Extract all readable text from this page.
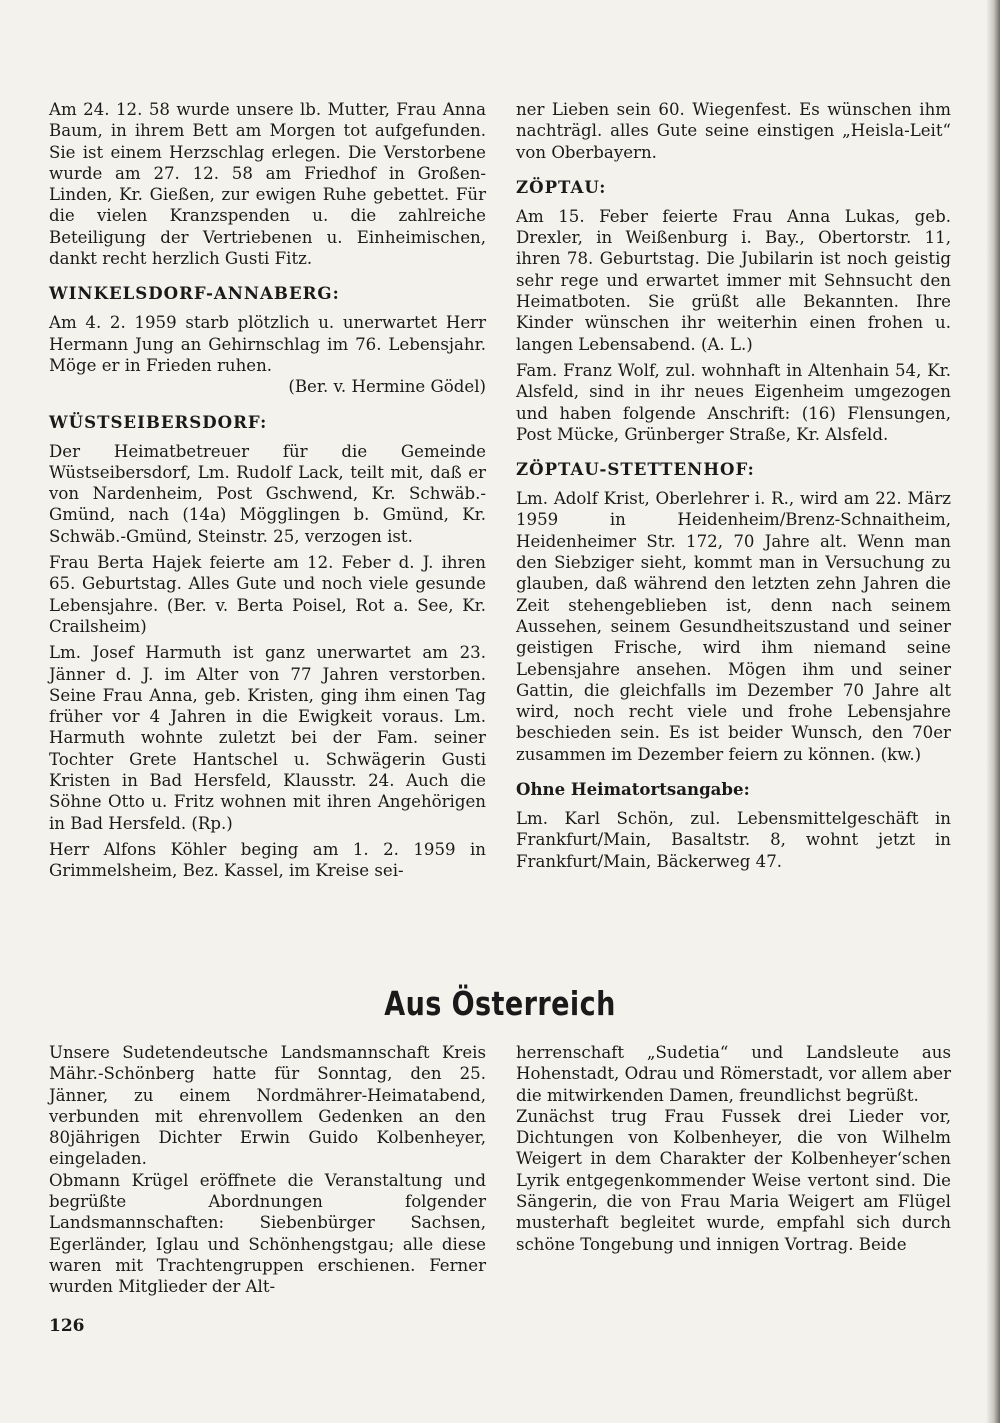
Am 24. 12. 58 wurde unsere lb. Mutter, Frau Anna Baum, in ihrem Bett am Morgen tot aufgefunden. Sie ist einem Herzschlag erlegen. Die Verstorbene wurde am 27. 12. 58 am Friedhof in Großen-Linden, Kr. Gießen, zur ewigen Ruhe gebettet. Für die vielen Kranzspenden u. die zahlreiche Beteiligung der Vertriebenen u. Einheimischen, dankt recht herzlich Gusti Fitz.

WINKELSDORF-ANNABERG:

Am 4. 2. 1959 starb plötzlich u. unerwartet Herr Hermann Jung an Gehirnschlag im 76. Lebensjahr. Möge er in Frieden ruhen.

(Ber. v. Hermine Gödel)

WÜSTSEIBERSDORF:

Der Heimatbetreuer für die Gemeinde Wüstseibersdorf, Lm. Rudolf Lack, teilt mit, daß er von Nardenheim, Post Gschwend, Kr. Schwäb.-Gmünd, nach (14a) Mögglingen b. Gmünd, Kr. Schwäb.-Gmünd, Steinstr. 25, verzogen ist.

Frau Berta Hajek feierte am 12. Feber d. J. ihren 65. Geburtstag. Alles Gute und noch viele gesunde Lebensjahre. (Ber. v. Berta Poisel, Rot a. See, Kr. Crailsheim)

Lm. Josef Harmuth ist ganz unerwartet am 23. Jänner d. J. im Alter von 77 Jahren verstorben. Seine Frau Anna, geb. Kristen, ging ihm einen Tag früher vor 4 Jahren in die Ewigkeit voraus. Lm. Harmuth wohnte zuletzt bei der Fam. seiner Tochter Grete Hantschel u. Schwägerin Gusti Kristen in Bad Hersfeld, Klausstr. 24. Auch die Söhne Otto u. Fritz wohnen mit ihren Angehörigen in Bad Hersfeld. (Rp.)

Herr Alfons Köhler beging am 1. 2. 1959 in Grimmelsheim, Bez. Kassel, im Kreise sei-

ner Lieben sein 60. Wiegenfest. Es wünschen ihm nachträgl. alles Gute seine einstigen „Heisla-Leit“ von Oberbayern.

ZÖPTAU:

Am 15. Feber feierte Frau Anna Lukas, geb. Drexler, in Weißenburg i. Bay., Obertorstr. 11, ihren 78. Geburtstag. Die Jubilarin ist noch geistig sehr rege und erwartet immer mit Sehnsucht den Heimatboten. Sie grüßt alle Bekannten. Ihre Kinder wünschen ihr weiterhin einen frohen u. langen Lebensabend. (A. L.)

Fam. Franz Wolf, zul. wohnhaft in Altenhain 54, Kr. Alsfeld, sind in ihr neues Eigenheim umgezogen und haben folgende Anschrift: (16) Flensungen, Post Mücke, Grünberger Straße, Kr. Alsfeld.

ZÖPTAU-STETTENHOF:

Lm. Adolf Krist, Oberlehrer i. R., wird am 22. März 1959 in Heidenheim/Brenz-Schnaitheim, Heidenheimer Str. 172, 70 Jahre alt. Wenn man den Siebziger sieht, kommt man in Versuchung zu glauben, daß während den letzten zehn Jahren die Zeit stehengeblieben ist, denn nach seinem Aussehen, seinem Gesundheitszustand und seiner geistigen Frische, wird ihm niemand seine Lebensjahre ansehen. Mögen ihm und seiner Gattin, die gleichfalls im Dezember 70 Jahre alt wird, noch recht viele und frohe Lebensjahre beschieden sein. Es ist beider Wunsch, den 70er zusammen im Dezember feiern zu können. (kw.)

Ohne Heimatortsangabe:

Lm. Karl Schön, zul. Lebensmittelgeschäft in Frankfurt/Main, Basaltstr. 8, wohnt jetzt in Frankfurt/Main, Bäckerweg 47.

Aus Österreich

Unsere Sudetendeutsche Landsmannschaft Kreis Mähr.-Schönberg hatte für Sonntag, den 25. Jänner, zu einem Nordmährer-Heimatabend, verbunden mit ehrenvollem Gedenken an den 80jährigen Dichter Erwin Guido Kolbenheyer, eingeladen.

Obmann Krügel eröffnete die Veranstaltung und begrüßte Abordnungen folgender Landsmannschaften: Siebenbürger Sachsen, Egerländer, Iglau und Schönhengstgau; alle diese waren mit Trachtengruppen erschienen. Ferner wurden Mitglieder der Alt-

herrenschaft „Sudetia“ und Landsleute aus Hohenstadt, Odrau und Römerstadt, vor allem aber die mitwirkenden Damen, freundlichst begrüßt.

Zunächst trug Frau Fussek drei Lieder vor, Dichtungen von Kolbenheyer, die von Wilhelm Weigert in dem Charakter der Kolbenheyer‘schen Lyrik entgegenkommender Weise vertont sind. Die Sängerin, die von Frau Maria Weigert am Flügel musterhaft begleitet wurde, empfahl sich durch schöne Tongebung und innigen Vortrag. Beide

126
